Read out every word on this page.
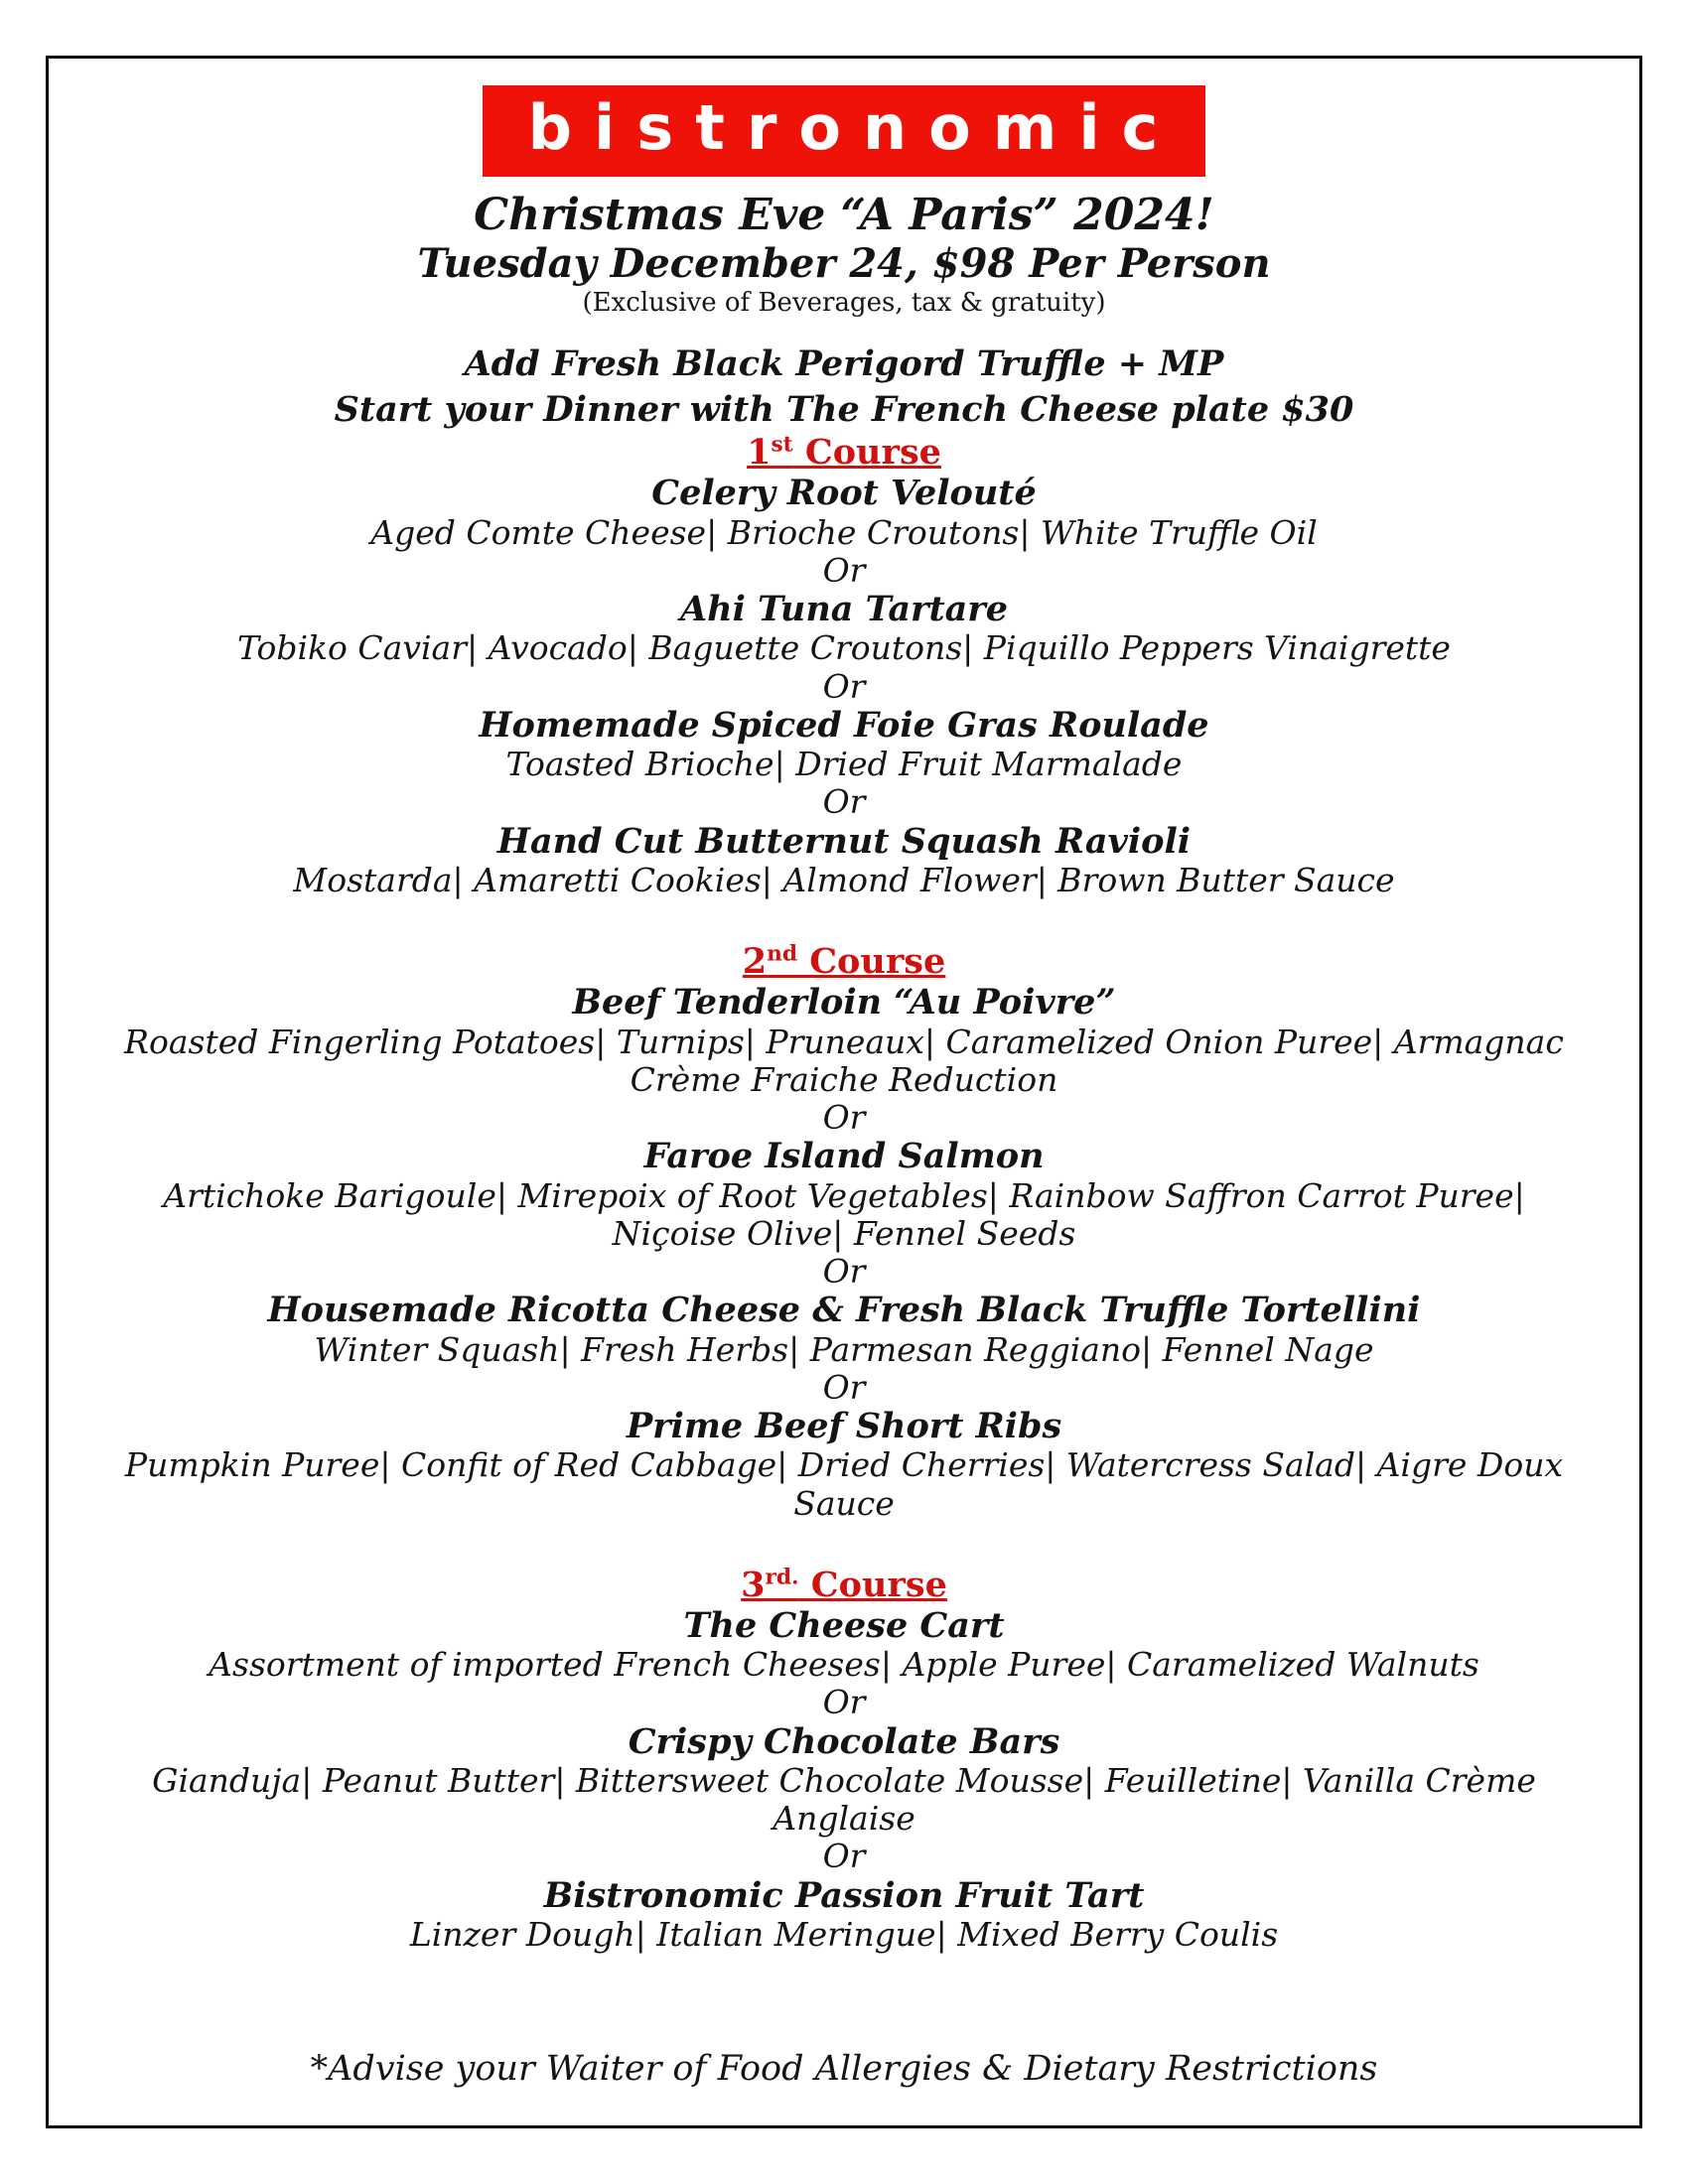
bistronomic
Christmas Eve “A Paris” 2024!
Tuesday December 24, $98 Per Person
(Exclusive of Beverages, tax & gratuity)
Add Fresh Black Perigord Truffle + MP
Start your Dinner with The French Cheese plate $30
1st Course
Celery Root Velouté
Aged Comte Cheese| Brioche Croutons| White Truffle Oil
Or
Ahi Tuna Tartare
Tobiko Caviar| Avocado| Baguette Croutons| Piquillo Peppers Vinaigrette
Or
Homemade Spiced Foie Gras Roulade
Toasted Brioche| Dried Fruit Marmalade
Or
Hand Cut Butternut Squash Ravioli
Mostarda| Amaretti Cookies| Almond Flower| Brown Butter Sauce
2nd Course
Beef Tenderloin “Au Poivre”
Roasted Fingerling Potatoes| Turnips| Pruneaux| Caramelized Onion Puree| Armagnac Crème Fraiche Reduction
Or
Faroe Island Salmon
Artichoke Barigoule| Mirepoix of Root Vegetables| Rainbow Saffron Carrot Puree| Niçoise Olive| Fennel Seeds
Or
Housemade Ricotta Cheese & Fresh Black Truffle Tortellini
Winter Squash| Fresh Herbs| Parmesan Reggiano| Fennel Nage
Or
Prime Beef Short Ribs
Pumpkin Puree| Confit of Red Cabbage| Dried Cherries| Watercress Salad| Aigre Doux Sauce
$3^{rd.}$ Course
The Cheese Cart
Assortment of imported French Cheeses| Apple Puree| Caramelized Walnuts
Or
Crispy Chocolate Bars
Gianduja| Peanut Butter| Bittersweet Chocolate Mousse| Feuilletine| Vanilla Crème Anglaise
Or
Bistronomic Passion Fruit Tart
Linzer Dough| Italian Meringue| Mixed Berry Coulis
*Advise your Waiter of Food Allergies & Dietary Restrictions
